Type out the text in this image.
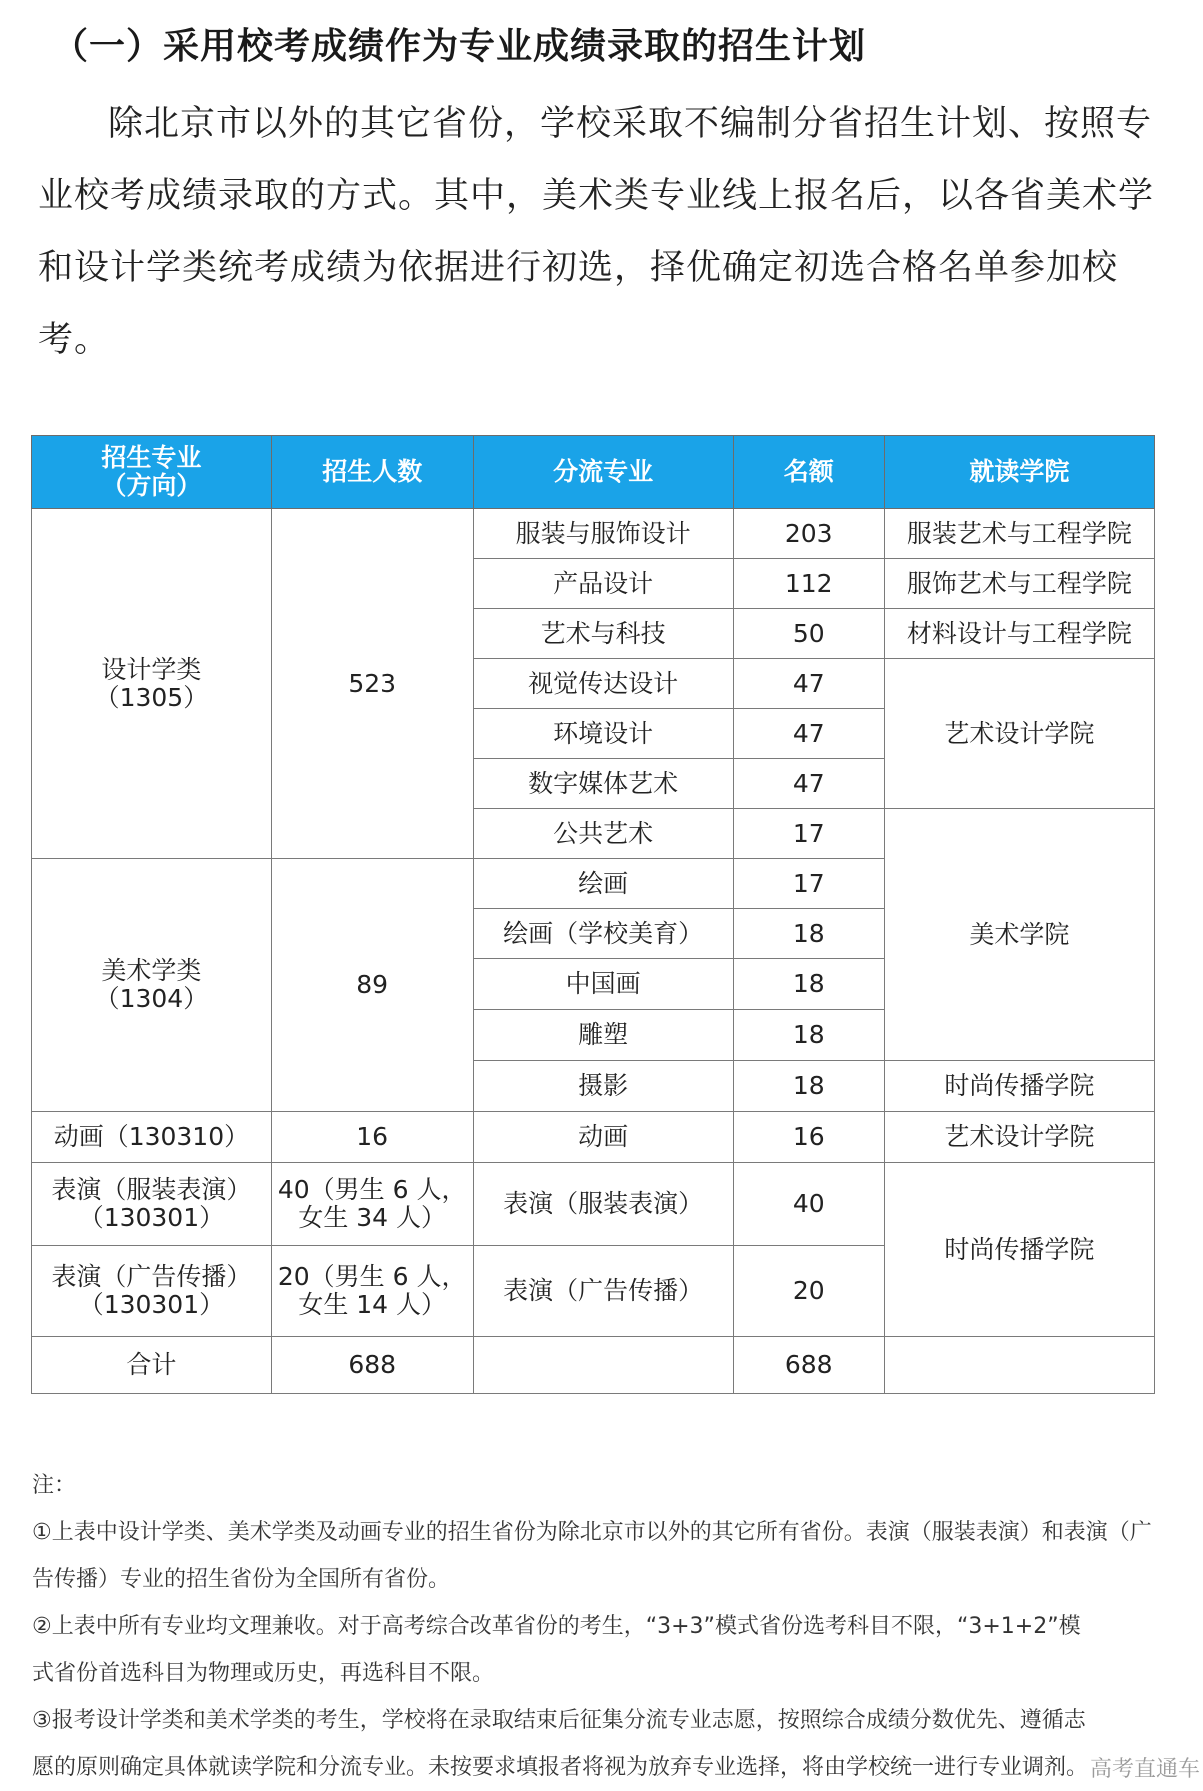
（一）采用校考成绩作为专业成绩录取的招生计划
除北京市以外的其它省份，学校采取不编制分省招生计划、按照专业校考成绩录取的方式。其中，美术类专业线上报名后，以各省美术学和设计学类统考成绩为依据进行初选，择优确定初选合格名单参加校考。
招生专业
（方向）	招生人数	分流专业	名额	就读学院

设计学类
（1305）	523	服装与服饰设计	203	服装艺术与工程学院
		产品设计	112	服饰艺术与工程学院
		艺术与科技	50	材料设计与工程学院
		视觉传达设计	47	艺术设计学院
		环境设计	47	
		数字媒体艺术	47	
		公共艺术	17	美术学院

美术学类
（1304）	89	绘画	17	
		绘画（学校美育）	18	
		中国画	18	
		雕塑	18	
		摄影	18	时尚传播学院
动画（130310）	16	动画	16	艺术设计学院

表演（服装表演）
（130301）	40（男生 6 人，
女生 34 人）	表演（服装表演）	40	时尚传播学院

表演（广告传播）
（130301）	20（男生 6 人，
女生 14 人）	表演（广告传播）	20	
合计	688		688	

注：

①上表中设计学类、美术学类及动画专业的招生省份为除北京市以外的其它所有省份。表演（服装表演）和表演（广

告传播）专业的招生省份为全国所有省份。

②上表中所有专业均文理兼收。对于高考综合改革省份的考生，“3+3”模式省份选考科目不限，“3+1+2”模

式省份首选科目为物理或历史，再选科目不限。

③报考设计学类和美术学类的考生，学校将在录取结束后征集分流专业志愿，按照综合成绩分数优先、遵循志

愿的原则确定具体就读学院和分流专业。未按要求填报者将视为放弃专业选择，将由学校统一进行专业调剂。 高考直通车
